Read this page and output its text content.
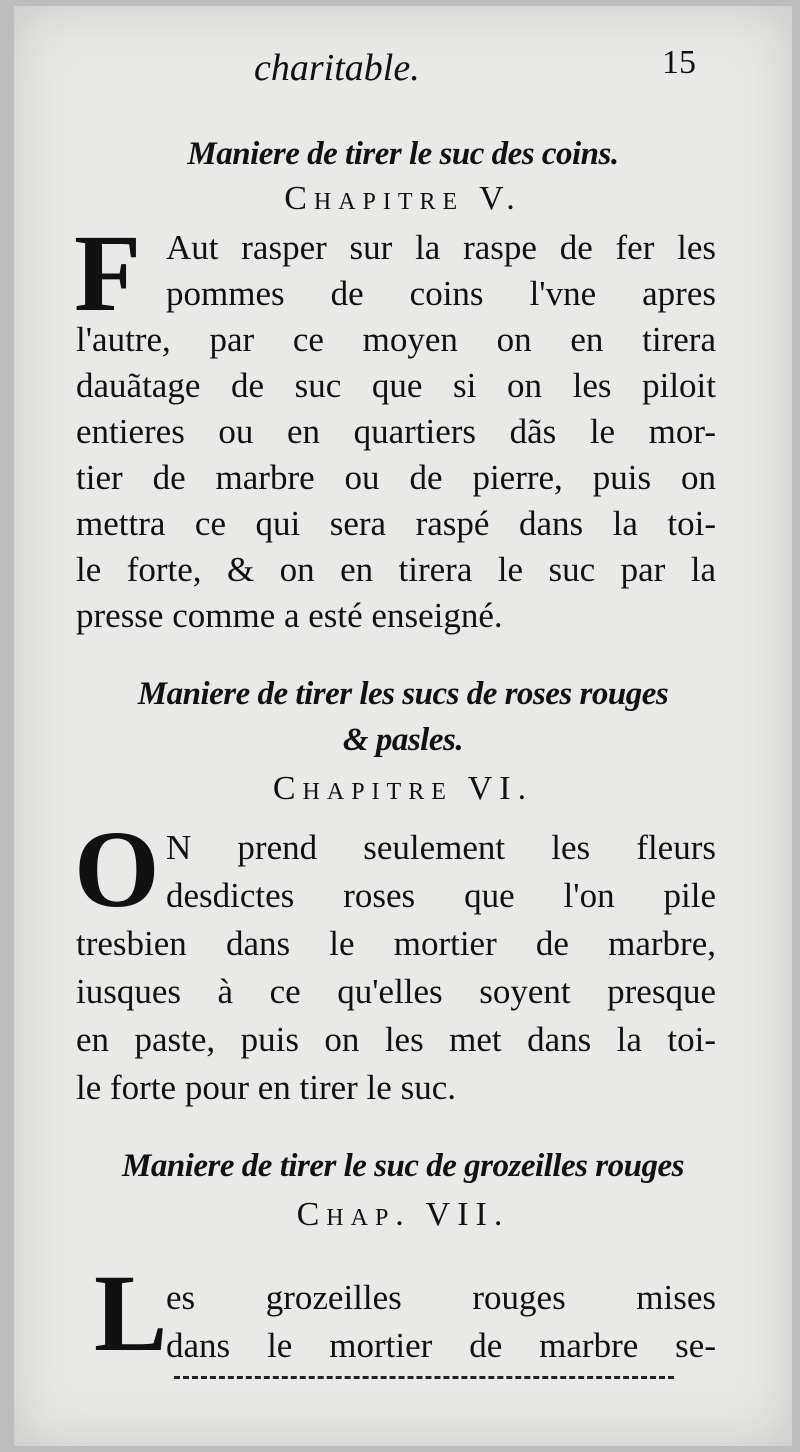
charitable.	15
Maniere de tirer le suc des coins.
Chapitre V.
F Aut rasper sur la raspe de fer les
pommes de coins l'vne apres
l'autre, par ce moyen on en tirera
dauãtage de suc que si on les piloit
entieres ou en quartiers dãs le mor-
tier de marbre ou de pierre, puis on
mettra ce qui sera raspé dans la toi-
le forte, & on en tirera le suc par la
presse comme a esté enseigné.
Maniere de tirer les sucs de roses rouges
& pasles.
Chapitre VI.
O N prend seulement les fleurs
desdictes roses que l'on pile
tresbien dans le mortier de marbre,
iusques à ce qu'elles soyent presque
en paste, puis on les met dans la toi-
le forte pour en tirer le suc.
Maniere de tirer le suc de grozeilles rouges
Chap. VII.
L
es grozeilles rouges mises
dans le mortier de marbre se-
